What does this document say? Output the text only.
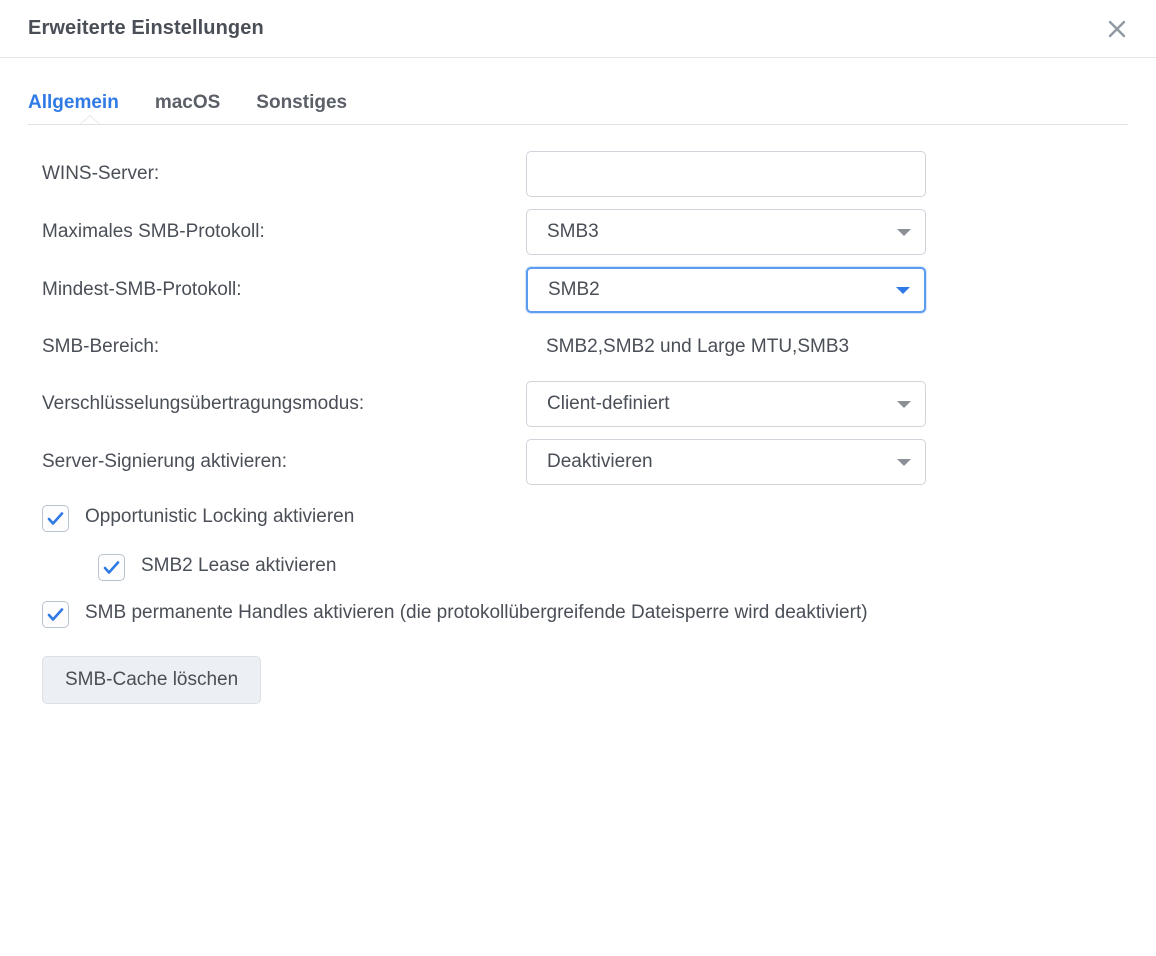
Erweiterte Einstellungen
Allgemein macOS Sonstiges
WINS-Server:
Maximales SMB-Protokoll:	SMB3
Mindest-SMB-Protokoll:	SMB2
SMB-Bereich:	SMB2,SMB2 und Large MTU,SMB3
Verschlüsselungsübertragungsmodus:	Client-definiert
Server-Signierung aktivieren:	Deaktivieren
Opportunistic Locking aktivieren
SMB2 Lease aktivieren
SMB permanente Handles aktivieren (die protokollübergreifende Dateisperre wird deaktiviert)
SMB-Cache löschen
